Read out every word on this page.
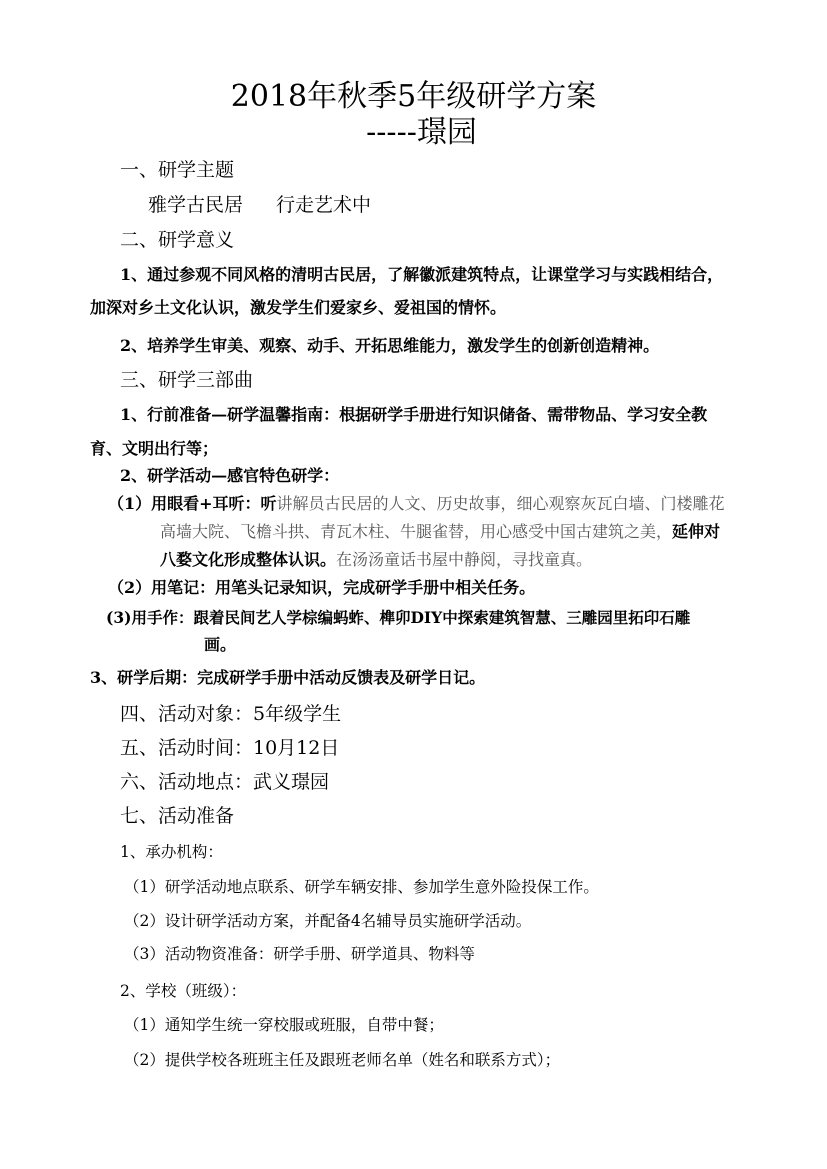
2018年秋季5年级研学方案
-----璟园
一、研学主题
雅学古民居 行走艺术中
二、研学意义
1、通过参观不同风格的清明古民居，了解徽派建筑特点，让课堂学习与实践相结合，
加深对乡土文化认识，激发学生们爱家乡、爱祖国的情怀。
2、培养学生审美、观察、动手、开拓思维能力，激发学生的创新创造精神。
三、研学三部曲
1、行前准备—研学温馨指南：根据研学手册进行知识储备、需带物品、学习安全教
育、文明出行等；
2、研学活动—感官特色研学：
（1）用眼看+耳听：听讲解员古民居的人文、历史故事，细心观察灰瓦白墙、门楼雕花
高墙大院、飞檐斗拱、青瓦木柱、牛腿雀替，用心感受中国古建筑之美，延伸对
八婺文化形成整体认识。在汤汤童话书屋中静阅，寻找童真。
（2）用笔记：用笔头记录知识，完成研学手册中相关任务。
(3)用手作：跟着民间艺人学棕编蚂蚱、榫卯DIY中探索建筑智慧、三雕园里拓印石雕
画。
3、研学后期：完成研学手册中活动反馈表及研学日记。
四、活动对象：5年级学生
五、活动时间：10月12日
六、活动地点：武义璟园
七、活动准备
1、承办机构：
（1）研学活动地点联系、研学车辆安排、参加学生意外险投保工作。
（2）设计研学活动方案，并配备4名辅导员实施研学活动。
（3）活动物资准备：研学手册、研学道具、物料等
2、学校（班级）：
（1）通知学生统一穿校服或班服，自带中餐；
（2）提供学校各班班主任及跟班老师名单（姓名和联系方式）；
